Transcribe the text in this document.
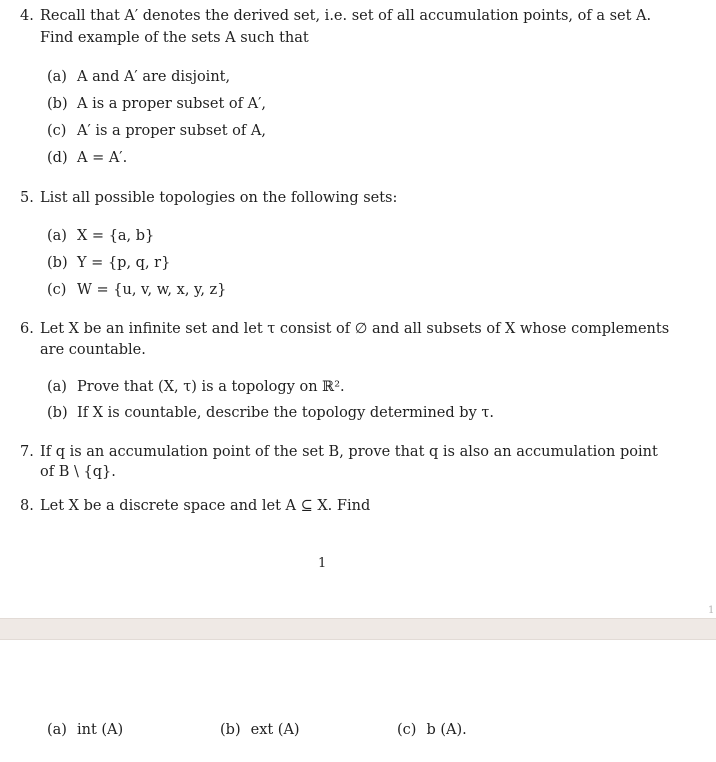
4. Recall that A′ denotes the derived set, i.e. set of all accumulation points, of a set A.
Find example of the sets A such that
(a) A and A′ are disjoint,
(b) A is a proper subset of A′,
(c) A′ is a proper subset of A,
(d) A = A′.
5. List all possible topologies on the following sets:
(a) X = {a, b}
(b) Y = {p, q, r}
(c) W = {u, v, w, x, y, z}
6. Let X be an infinite set and let τ consist of ∅ and all subsets of X whose complements
are countable.
(a) Prove that (X, τ) is a topology on ℝ².
(b) If X is countable, describe the topology determined by τ.
7. If q is an accumulation point of the set B, prove that q is also an accumulation point
of B \ {q}.
8. Let X be a discrete space and let A ⊆ X. Find
1
1
(a) int (A)	(b) ext (A)	(c) b (A).
